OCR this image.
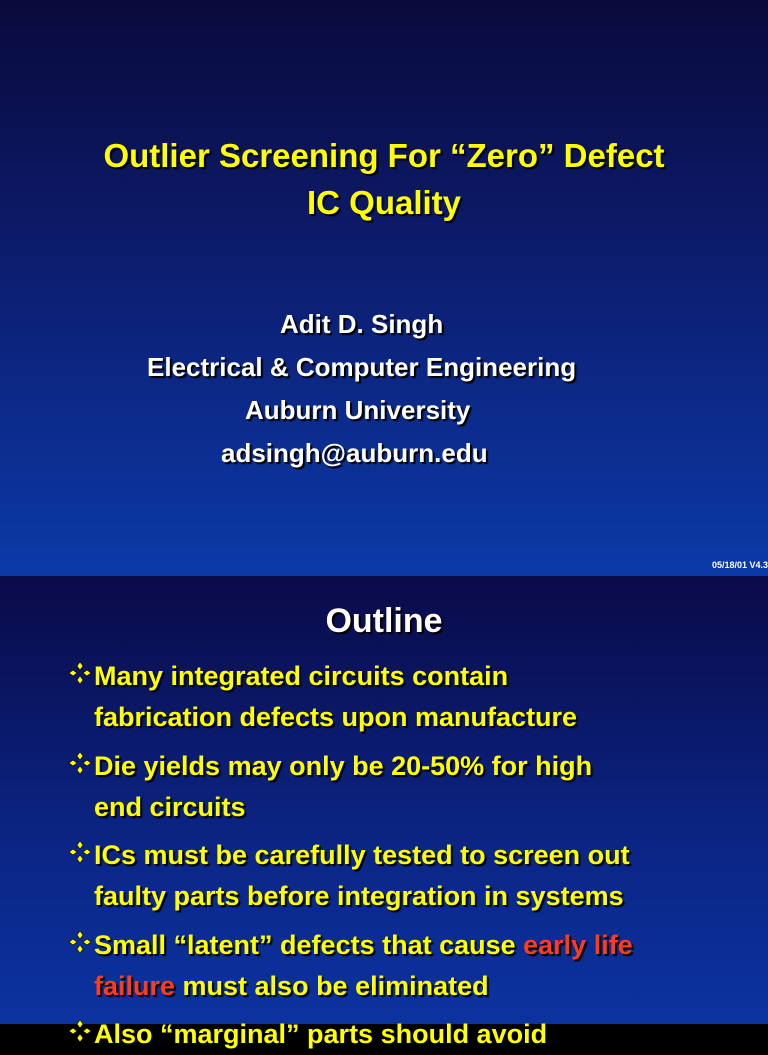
Outlier Screening For “Zero” Defect
IC Quality
Adit D. Singh
Electrical & Computer Engineering
Auburn University
adsingh@auburn.edu
05/18/01 V4.3
Outline
Many integrated circuits contain
fabrication defects upon manufacture
Die yields may only be 20-50% for high
end circuits
ICs must be carefully tested to screen out
faulty parts before integration in systems
Small “latent” defects that cause early life
failure must also be eliminated
Also “marginal” parts should avoid
